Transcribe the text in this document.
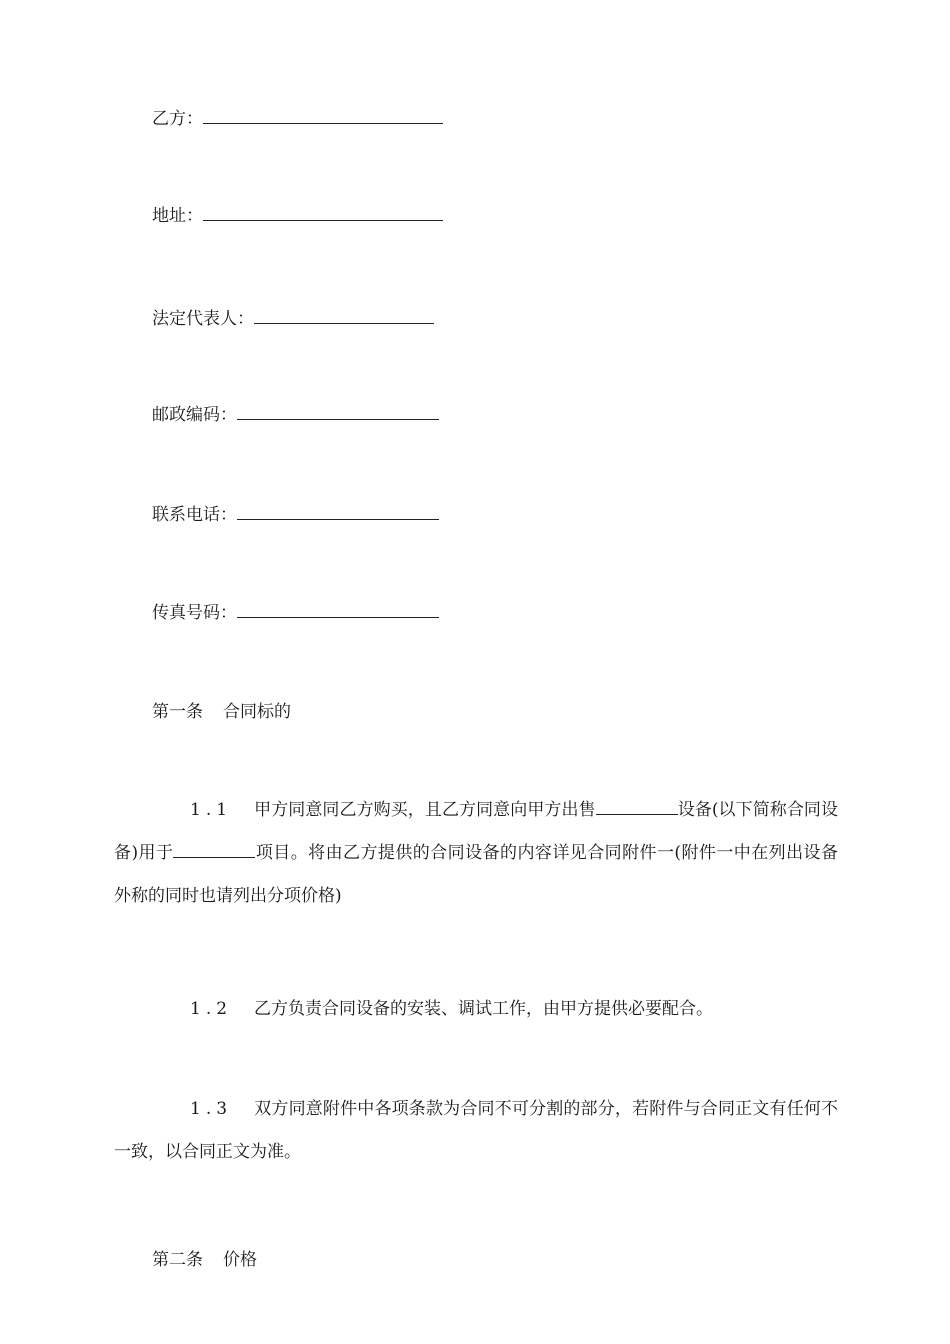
乙方：
地址：
法定代表人：
邮政编码：
联系电话：
传真号码：
第一条 合同标的
1.1 甲方同意同乙方购买，且乙方同意向甲方出售	设备(以下简称合同设备)用于	项目。将由乙方提供的合同设备的内容详见合同附件一(附件一中在列出设备外称的同时也请列出分项价格)
1.2 乙方负责合同设备的安装、调试工作，由甲方提供必要配合。
1.3 双方同意附件中各项条款为合同不可分割的部分，若附件与合同正文有任何不一致，以合同正文为准。
第二条 价格
